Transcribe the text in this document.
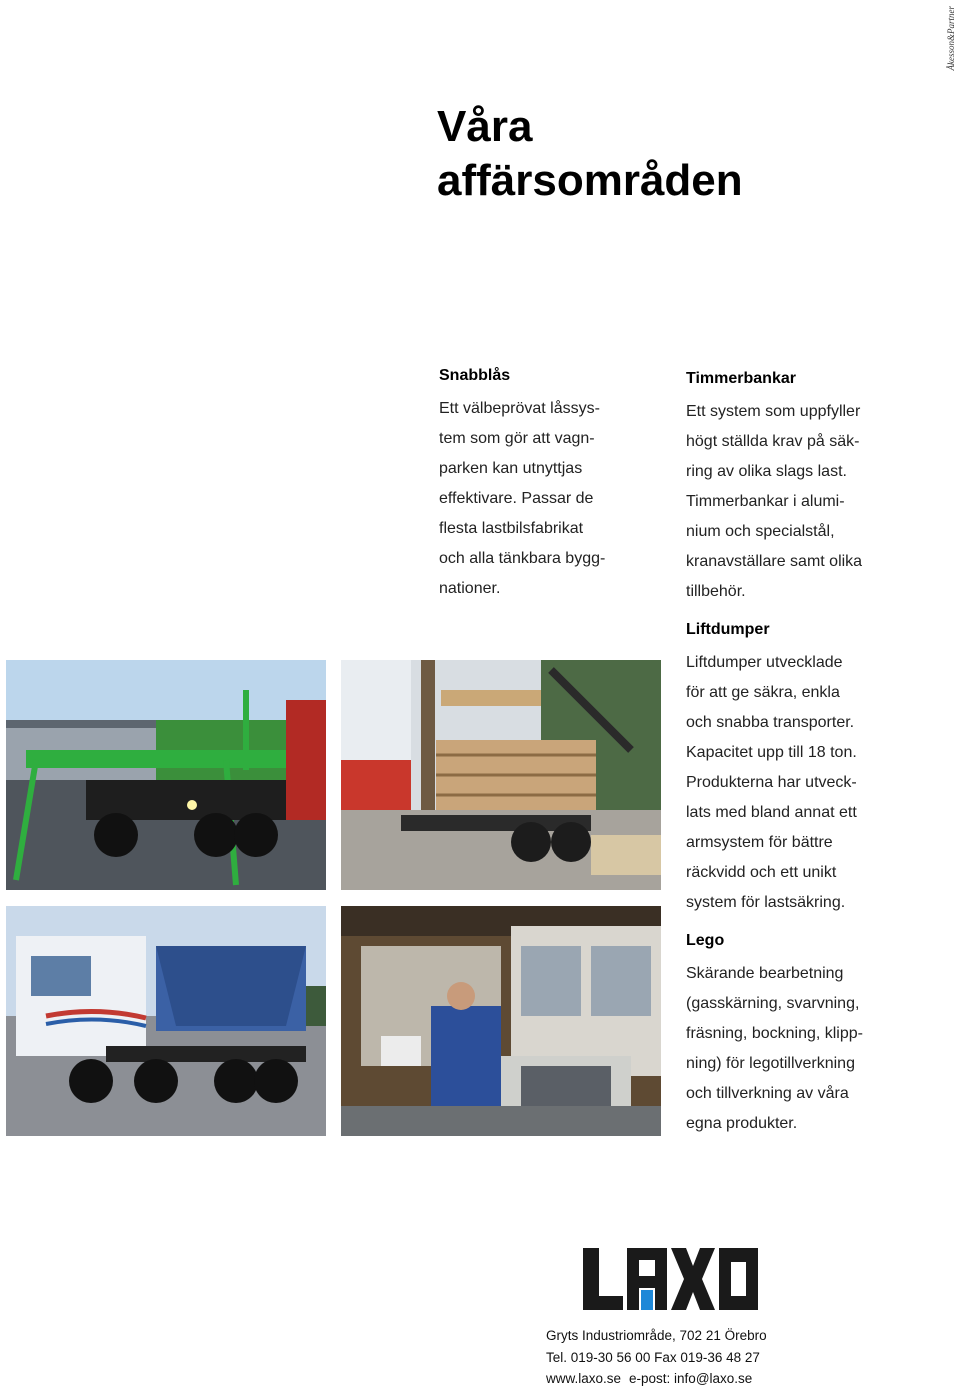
Åkesson&Partner
Våra
affärsområden
Snabblås
Ett välbeprövat låssys-
tem som gör att vagn-
parken kan utnyttjas
effektivare. Passar de
flesta lastbilsfabrikat
och alla tänkbara bygg-
nationer.
Timmerbankar
Ett system som uppfyller
högt ställda krav på säk-
ring av olika slags last.
Timmerbankar i alumi-
nium och specialstål,
kranavställare samt olika
tillbehör.
Liftdumper
Liftdumper utvecklade
för att ge säkra, enkla
och snabba transporter.
Kapacitet upp till 18 ton.
Produkterna har utveck-
lats med bland annat ett
armsystem för bättre
räckvidd och ett unikt
system för lastsäkring.
Lego
Skärande bearbetning
(gasskärning, svarvning,
fräsning, bockning, klipp-
ning) för legotillverkning
och tillverkning av våra
egna produkter.
Gryts Industriområde, 702 21 Örebro
Tel. 019-30 56 00 Fax 019-36 48 27
www.laxo.se e-post: info@laxo.se
